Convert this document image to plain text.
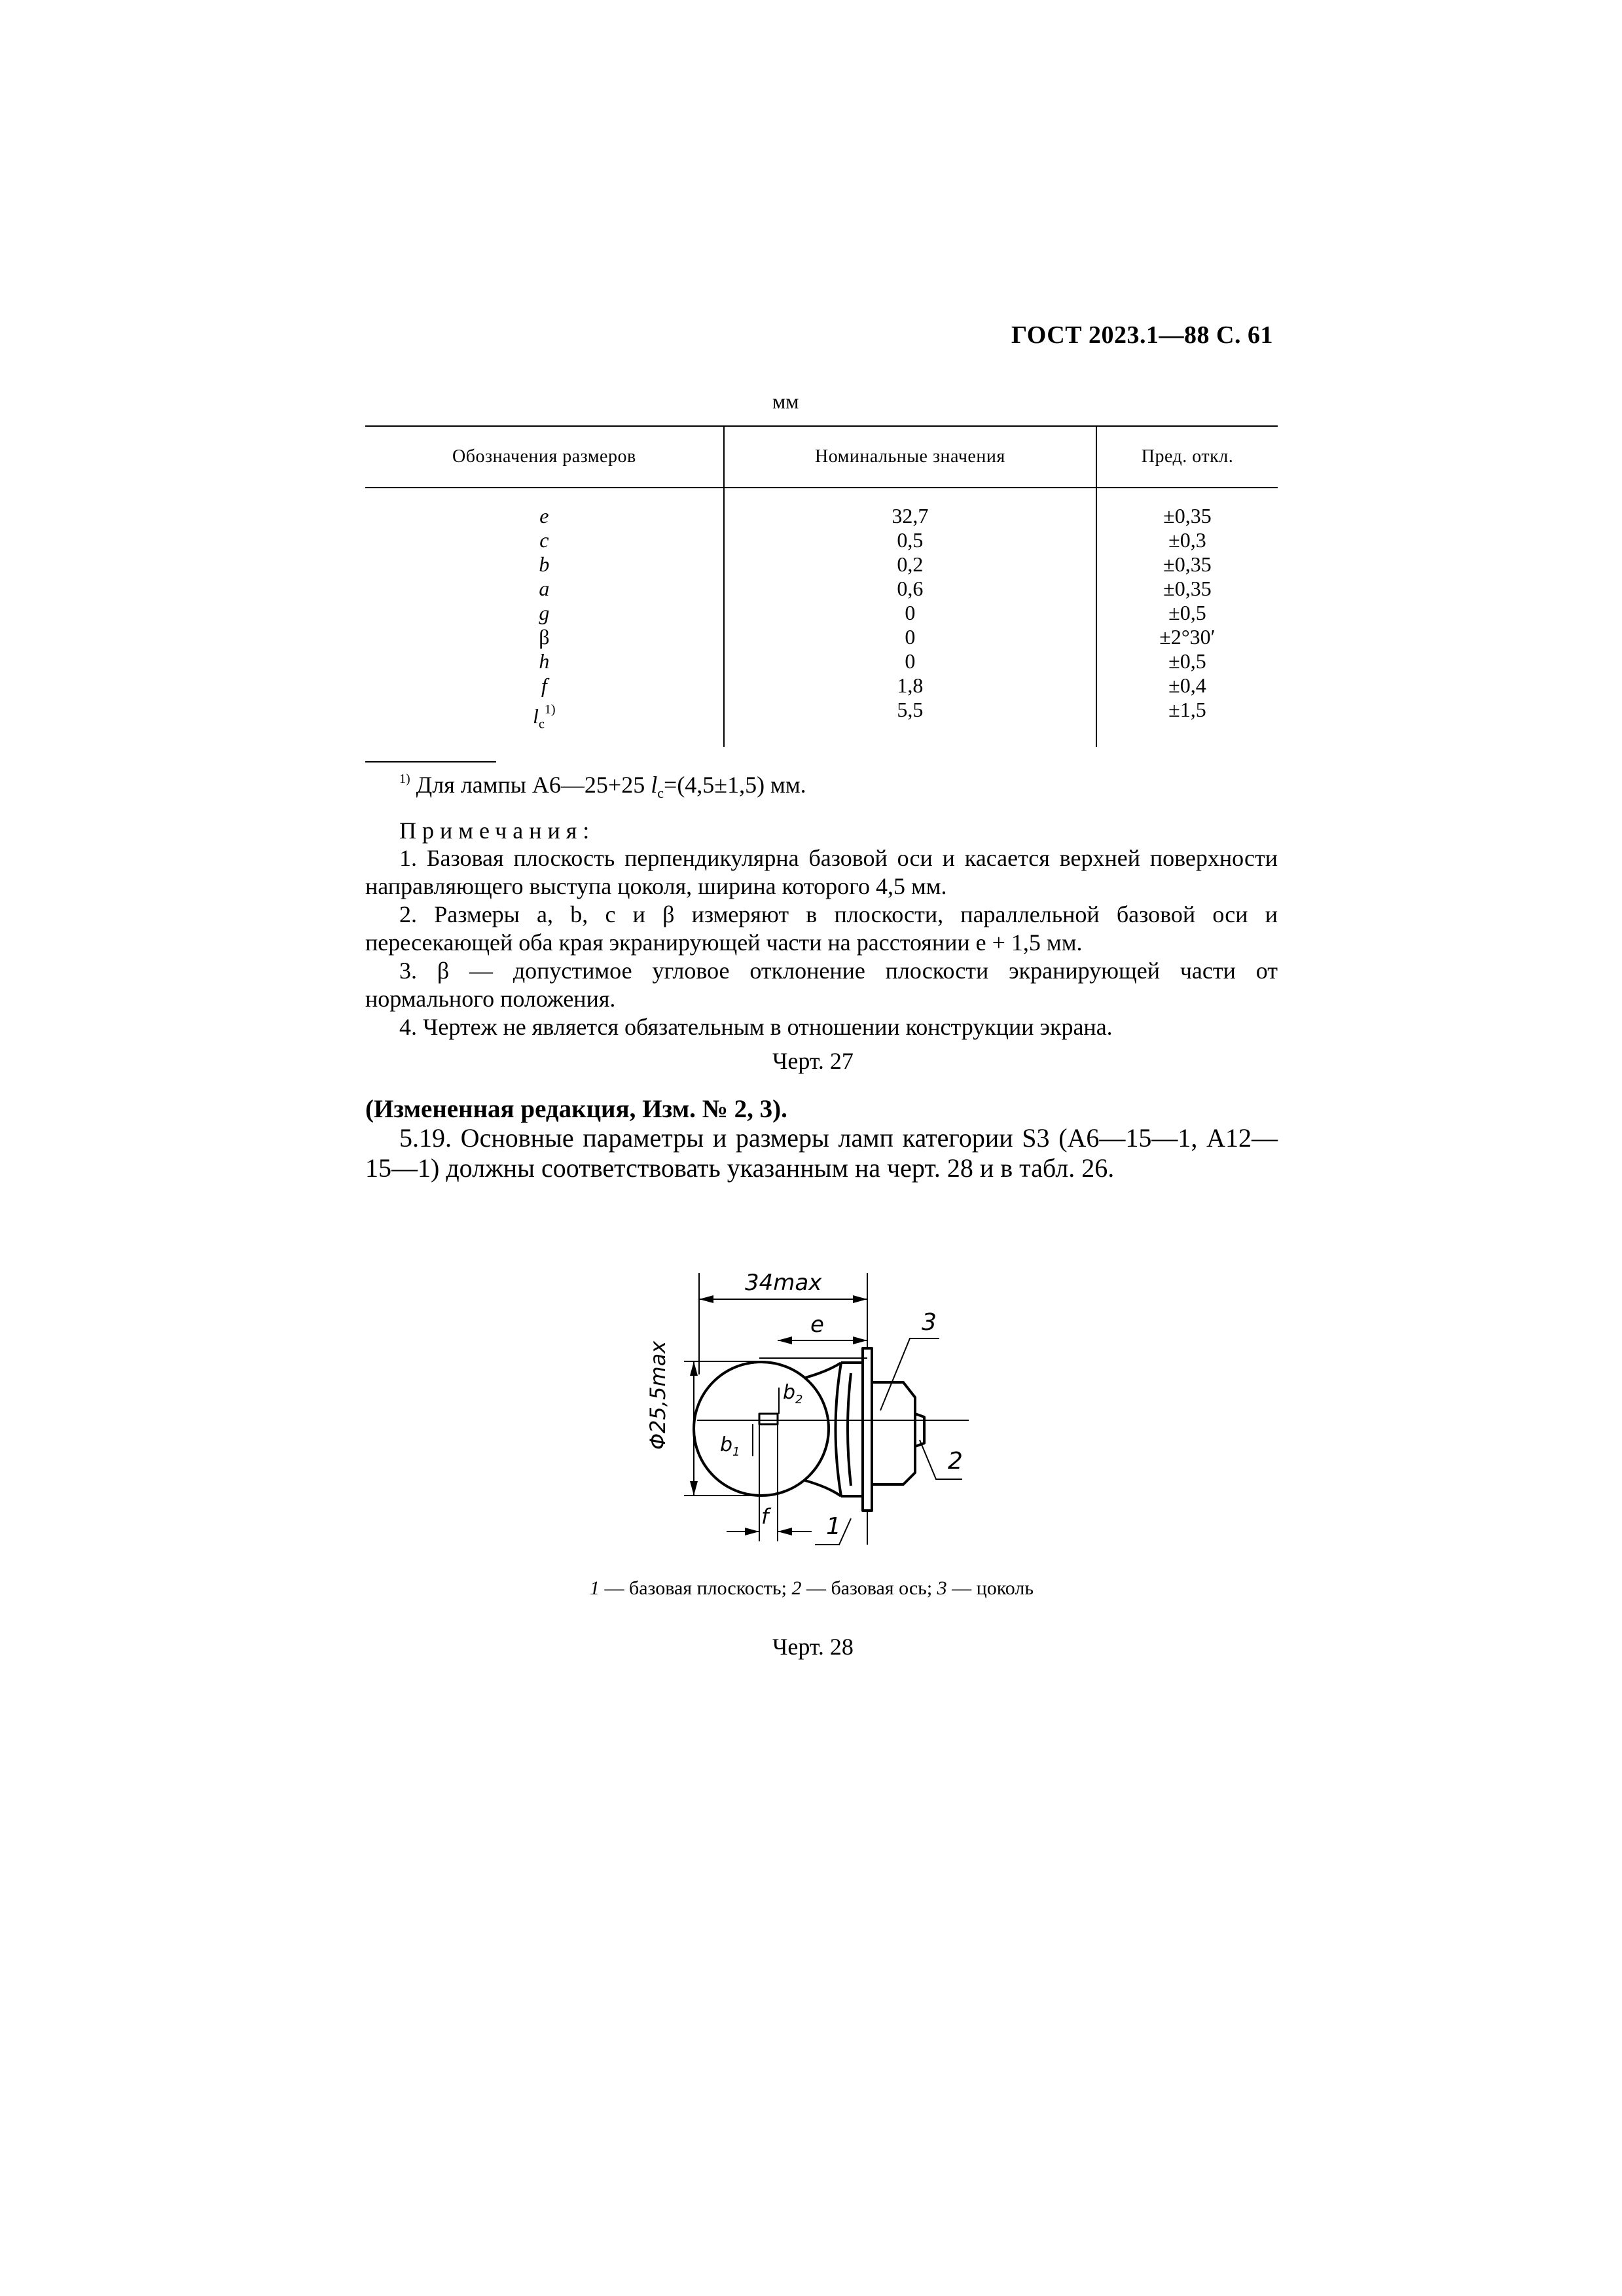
ГОСТ 2023.1—88 С. 61
мм
Обозначения размеров	Номинальные значения	Пред. откл.
e	32,7	±0,35
c	0,5	±0,3
b	0,2	±0,35
a	0,6	±0,35
g	0	±0,5
β	0	±2°30′
h	0	±0,5
f	1,8	±0,4
$l_c^{1)}$	5,5	±1,5
$^{1)}$ Для лампы А6—25+25 $l_c=(4,5\pm 1,5)$ мм.
Примечания:
1. Базовая плоскость перпендикулярна базовой оси и касается верхней поверхности направляющего выступа цоколя, ширина которого 4,5 мм.
2. Размеры a, b, c и β измеряют в плоскости, параллельной базовой оси и пересекающей оба края экранирующей части на расстоянии e + 1,5 мм.
3. β — допустимое угловое отклонение плоскости экранирующей части от нормального положения.
4. Чертеж не является обязательным в отношении конструкции экрана.
Черт. 27
(Измененная редакция, Изм. № 2, 3).
5.19. Основные параметры и размеры ламп категории S3 (А6—15—1, А12—15—1) должны соответствовать указанным на черт. 28 и в табл. 26.
34max
e
Φ25,5max	$b_2$
$b_1$
f 1
2
3
1 — базовая плоскость; 2 — базовая ось; 3 — цоколь
Черт. 28
